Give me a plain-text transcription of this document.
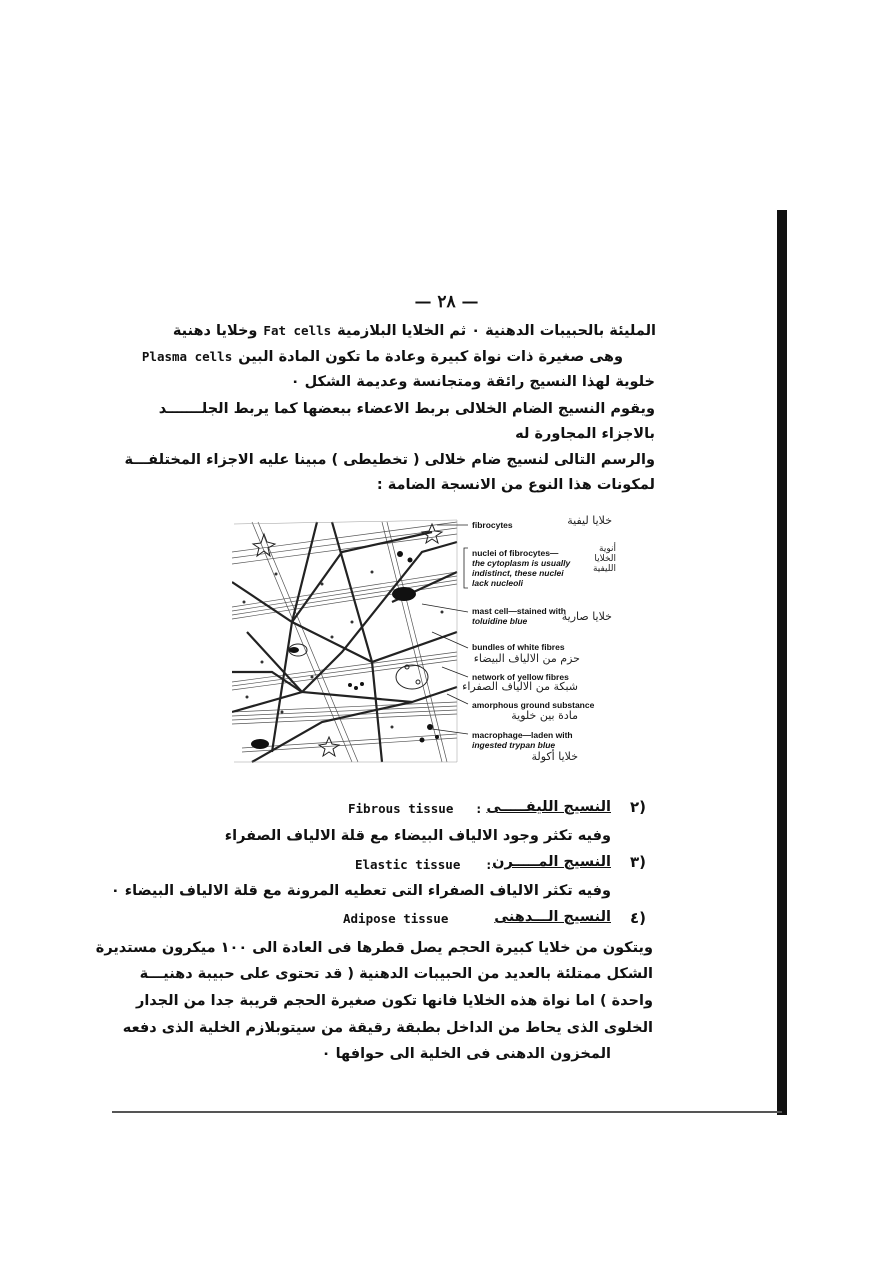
— ٢٨ —
المليئة بالحبيبات الدهنية ٠ ثم الخلايا البلازميةFat cellsوخلايا دهنية
وهى صغيرة ذات نواة كبيرة وعادة ما تكون المادة البينPlasma cells
خلوية لهذا النسيج رائقة ومتجانسة وعديمة الشكل ٠
ويقوم النسيج الضام الخلالى بربط الاعضاء ببعضها كما يربط الجلـــــــد
بالاجزاء المجاورة له
والرسم التالى لنسيج ضام خلالى ( تخطيطى ) مبينا عليه الاجزاء المختلفـــة
لمكونات هذا النوع من الانسجة الضامة :
fibrocytes	خلايا ليفية
nuclei of fibrocytes—
the cytoplasm is usually
indistinct, these nuclei
lack nucleoli
أنوية الخلايا الليفية
mast cell—stained with
toluidine blue	خلايا صارية
bundles of white fibres
حزم من الالياف البيضاء
network of yellow fibres
شبكة من الالياف الصفراء
amorphous ground substance
مادة بين خلوية
macrophage—laden with
ingested trypan blue
خلايا أكولة
٢)
النسيج الليفـــــى
:
Fibrous tissue
وفيه تكثر وجود الالياف البيضاء مع قلة الالياف الصفراء
٣)
النسيج المـــــرن
:
Elastic tissue
وفيه تكثر الالياف الصفراء التى تعطيه المرونة مع قلة الالياف البيضاء ٠
٤)
النسيج الـــدهنى
Adipose tissue
ويتكون من خلايا كبيرة الحجم يصل قطرها فى العادة الى ١٠٠ ميكرون مستديرة
الشكل ممتلئة بالعديد من الحبيبات الدهنية ( قد تحتوى على حبيبة دهنيـــة
واحدة ) اما نواة هذه الخلايا فانها تكون صغيرة الحجم قريبة جدا من الجدار
الخلوى الذى يحاط من الداخل بطبقة رقيقة من سيتوبلازم الخلية الذى دفعه
المخزون الدهنى فى الخلية الى حوافها ٠
